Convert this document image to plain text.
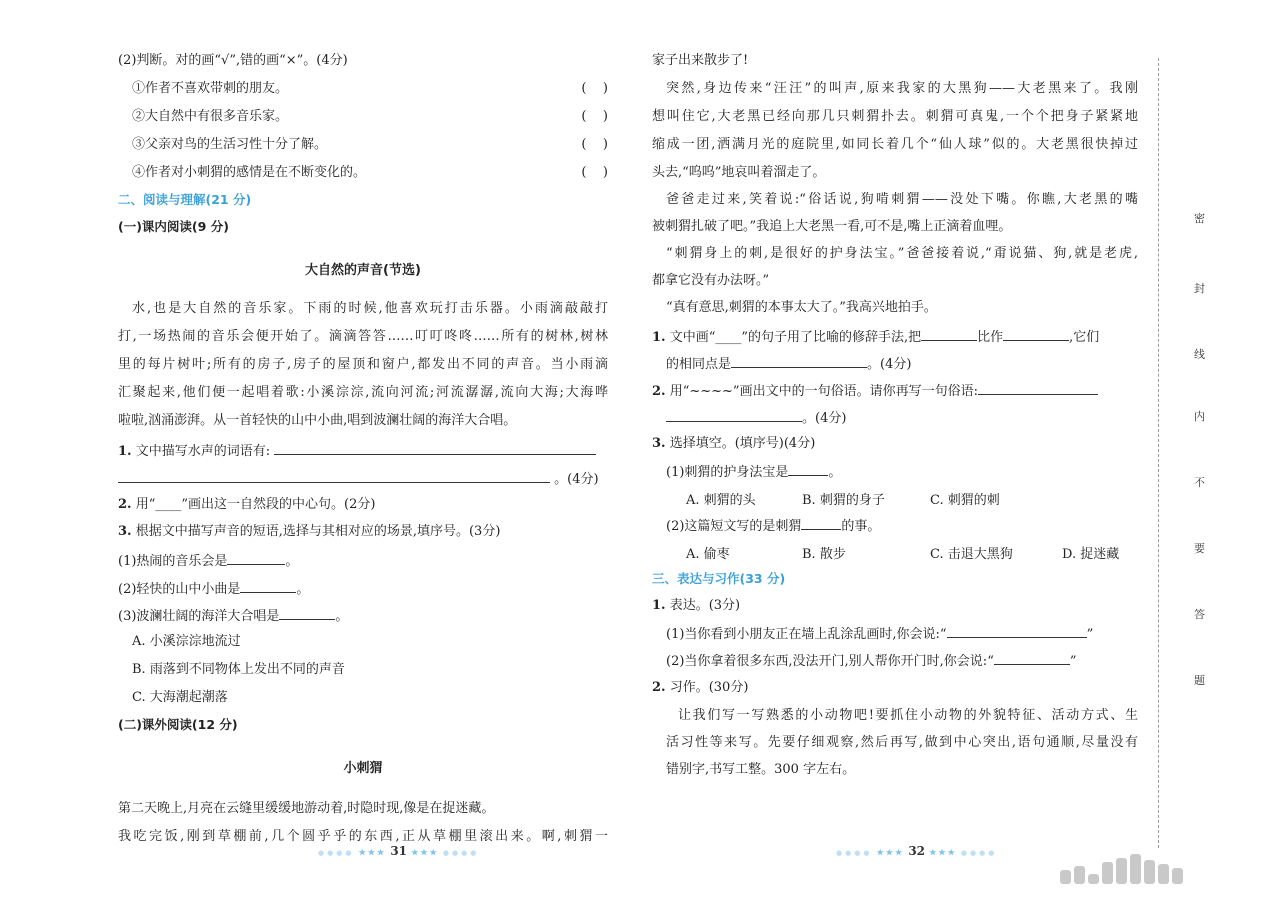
(2)判断。对的画“√”,错的画“×”。(4分)
①作者不喜欢带刺的朋友。	(    )
②大自然中有很多音乐家。	(    )
③父亲对鸟的生活习性十分了解。	(    )
④作者对小刺猬的感情是在不断变化的。	(    )
二、阅读与理解(21 分)
(一)课内阅读(9 分)
大自然的声音(节选)
水,也是大自然的音乐家。下雨的时候,他喜欢玩打击乐器。小雨滴敲敲打
打,一场热闹的音乐会便开始了。滴滴答答……叮叮咚咚……所有的树林,树林
里的每片树叶;所有的房子,房子的屋顶和窗户,都发出不同的声音。当小雨滴
汇聚起来,他们便一起唱着歌:小溪淙淙,流向河流;河流潺潺,流向大海;大海哗
啦啦,汹涌澎湃。从一首轻快的山中小曲,唱到波澜壮阔的海洋大合唱。
1. 文中描写水声的词语有:
。(4分)
2. 用“____”画出这一自然段的中心句。(2分)
3. 根据文中描写声音的短语,选择与其相对应的场景,填序号。(3分)
(1)热闹的音乐会是	。
(2)轻快的山中小曲是	。
(3)波澜壮阔的海洋大合唱是	。
A. 小溪淙淙地流过
B. 雨落到不同物体上发出不同的声音
C. 大海潮起潮落
(二)课外阅读(12 分)
小刺猬
第二天晚上,月亮在云缝里缓缓地游动着,时隐时现,像是在捉迷藏。
我吃完饭,刚到草棚前,几个圆乎乎的东西,正从草棚里滚出来。啊,刺猬一
家子出来散步了!
突然,身边传来“汪汪”的叫声,原来我家的大黑狗——大老黑来了。我刚
想叫住它,大老黑已经向那几只刺猬扑去。刺猬可真鬼,一个个把身子紧紧地
缩成一团,洒满月光的庭院里,如同长着几个“仙人球”似的。大老黑很快掉过
头去,“呜呜”地哀叫着溜走了。
爸爸走过来,笑着说:“俗话说,狗啃刺猬——没处下嘴。你瞧,大老黑的嘴
被刺猬扎破了吧。”我追上大老黑一看,可不是,嘴上正滴着血哩。
“刺猬身上的刺,是很好的护身法宝。”爸爸接着说,“甭说猫、狗,就是老虎,
都拿它没有办法呀。”
“真有意思,刺猬的本事太大了。”我高兴地拍手。
1. 文中画“____”的句子用了比喻的修辞手法,把	比作	,它们
的相同点是	。(4分)
2. 用“~~~~”画出文中的一句俗语。请你再写一句俗语:
。(4分)
3. 选择填空。(填序号)(4分)
(1)刺猬的护身法宝是	。
A. 刺猬的头	B. 刺猬的身子	C. 刺猬的刺
(2)这篇短文写的是刺猬	的事。
A. 偷枣	B. 散步	C. 击退大黑狗	D. 捉迷藏
三、表达与习作(33 分)
1. 表达。(3分)
(1)当你看到小朋友正在墙上乱涂乱画时,你会说:“	”
(2)当你拿着很多东西,没法开门,别人帮你开门时,你会说:“	”
2. 习作。(30分)
让我们写一写熟悉的小动物吧!要抓住小动物的外貌特征、活动方式、生
活习性等来写。先要仔细观察,然后再写,做到中心突出,语句通顺,尽量没有
错别字,书写工整。300 字左右。
●●●● ★★★ 31 ★★★ ●●●●	●●●● ★★★ 32 ★★★ ●●●●
密
封
线
内
不
要
答
题
